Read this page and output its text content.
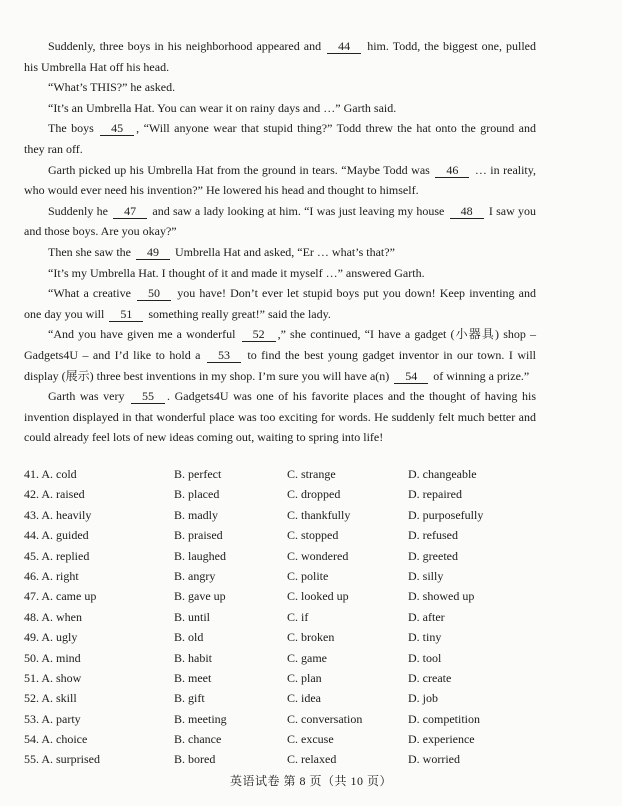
Suddenly, three boys in his neighborhood appeared and 44 him. Todd, the biggest one, pulled his Umbrella Hat off his head.

“What’s THIS?” he asked.

“It’s an Umbrella Hat. You can wear it on rainy days and …” Garth said.

The boys 45 , “Will anyone wear that stupid thing?” Todd threw the hat onto the ground and they ran off.

Garth picked up his Umbrella Hat from the ground in tears. “Maybe Todd was 46 … in reality, who would ever need his invention?” He lowered his head and thought to himself.

Suddenly he 47 and saw a lady looking at him. “I was just leaving my house 48 I saw you and those boys. Are you okay?”

Then she saw the 49 Umbrella Hat and asked, “Er … what’s that?”

“It’s my Umbrella Hat. I thought of it and made it myself …” answered Garth.

“What a creative 50 you have! Don’t ever let stupid boys put you down! Keep inventing and one day you will 51 something really great!” said the lady.

“And you have given me a wonderful 52 ,” she continued, “I have a gadget (小器具) shop – Gadgets4U – and I’d like to hold a 53 to find the best young gadget inventor in our town. I will display (展示) three best inventions in my shop. I’m sure you will have a(n) 54 of winning a prize.”

Garth was very 55 . Gadgets4U was one of his favorite places and the thought of having his invention displayed in that wonderful place was too exciting for words. He suddenly felt much better and could already feel lots of new ideas coming out, waiting to spring into life!

41. A. cold	B. perfect	C. strange	D. changeable
42. A. raised	B. placed	C. dropped	D. repaired
43. A. heavily	B. madly	C. thankfully	D. purposefully
44. A. guided	B. praised	C. stopped	D. refused
45. A. replied	B. laughed	C. wondered	D. greeted
46. A. right	B. angry	C. polite	D. silly
47. A. came up	B. gave up	C. looked up	D. showed up
48. A. when	B. until	C. if	D. after
49. A. ugly	B. old	C. broken	D. tiny
50. A. mind	B. habit	C. game	D. tool
51. A. show	B. meet	C. plan	D. create
52. A. skill	B. gift	C. idea	D. job
53. A. party	B. meeting	C. conversation	D. competition
54. A. choice	B. chance	C. excuse	D. experience
55. A. surprised	B. bored	C. relaxed	D. worried
英语试卷 第 8 页（共 10 页）
